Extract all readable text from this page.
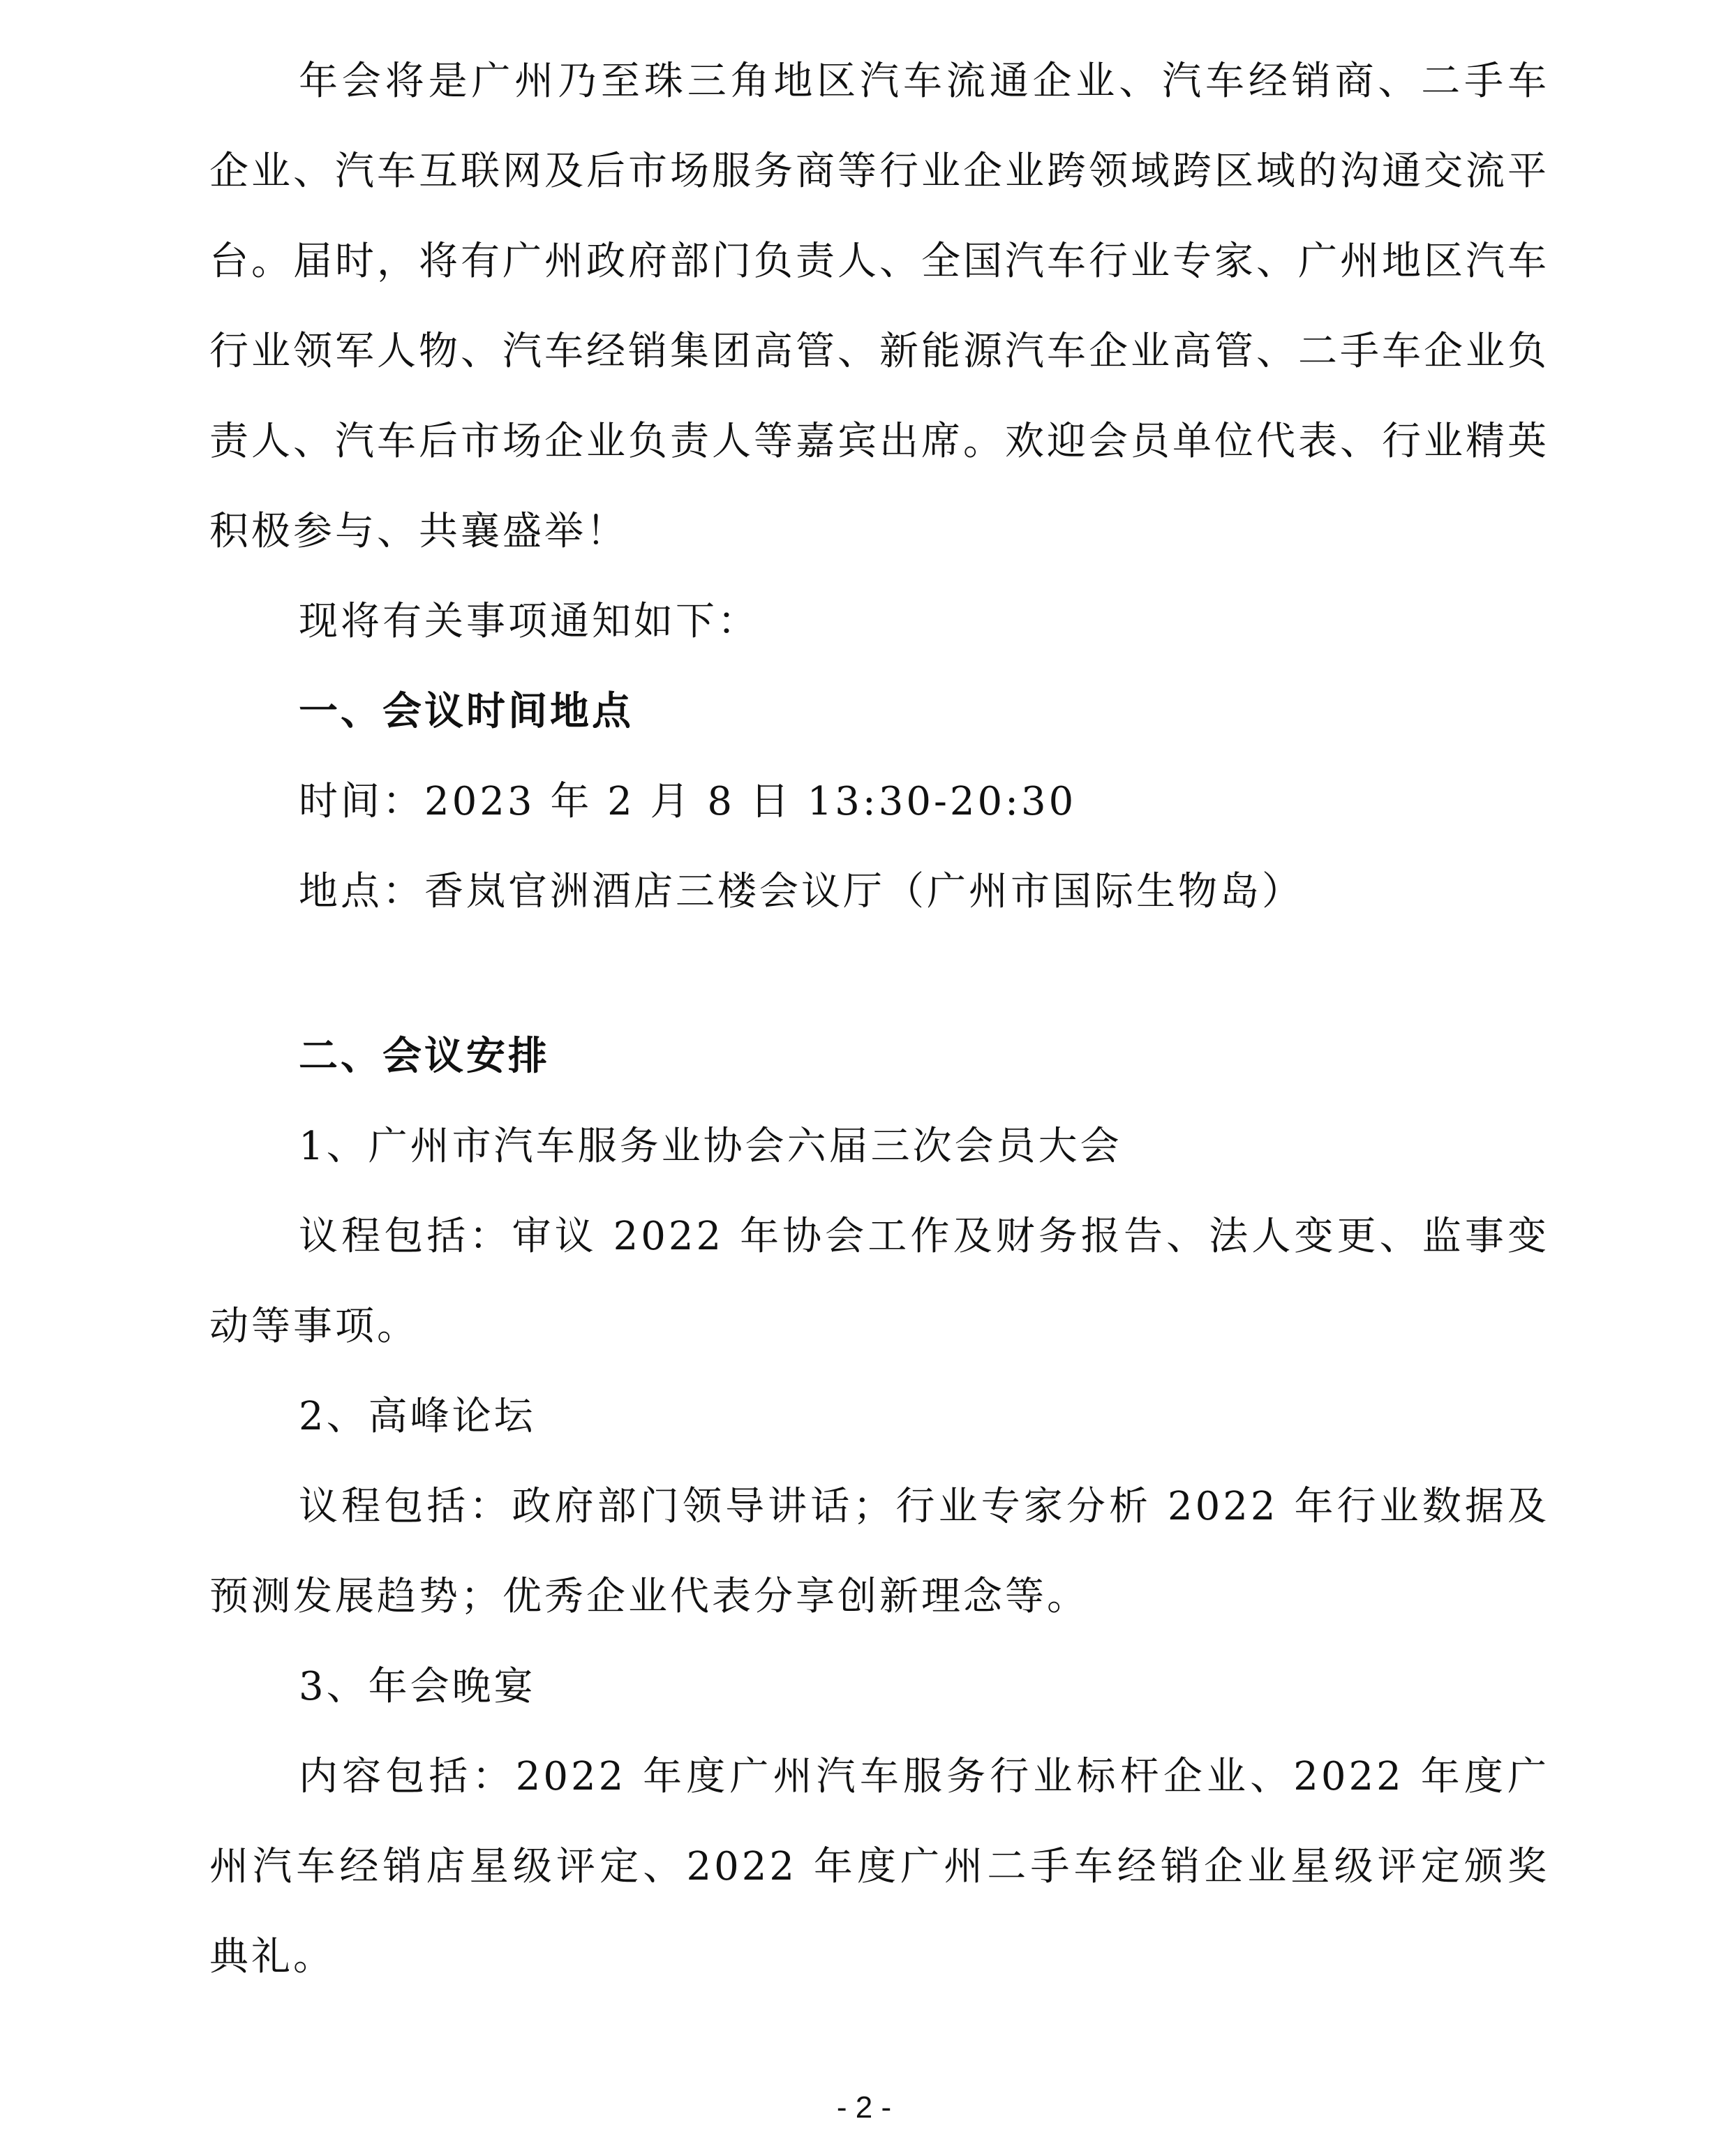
年会将是广州乃至珠三角地区汽车流通企业、汽车经销商、二手车企业、汽车互联网及后市场服务商等行业企业跨领域跨区域的沟通交流平台。届时，将有广州政府部门负责人、全国汽车行业专家、广州地区汽车行业领军人物、汽车经销集团高管、新能源汽车企业高管、二手车企业负责人、汽车后市场企业负责人等嘉宾出席。欢迎会员单位代表、行业精英积极参与、共襄盛举！

现将有关事项通知如下：

一、会议时间地点

时间：2023 年 2 月 8 日 13:30-20:30

地点：香岚官洲酒店三楼会议厅（广州市国际生物岛）

二、会议安排

1、广州市汽车服务业协会六届三次会员大会

议程包括：审议 2022 年协会工作及财务报告、法人变更、监事变动等事项。

2、高峰论坛

议程包括：政府部门领导讲话；行业专家分析 2022 年行业数据及预测发展趋势；优秀企业代表分享创新理念等。

3、年会晚宴

内容包括：2022 年度广州汽车服务行业标杆企业、2022 年度广州汽车经销店星级评定、2022 年度广州二手车经销企业星级评定颁奖典礼。

- 2 -
